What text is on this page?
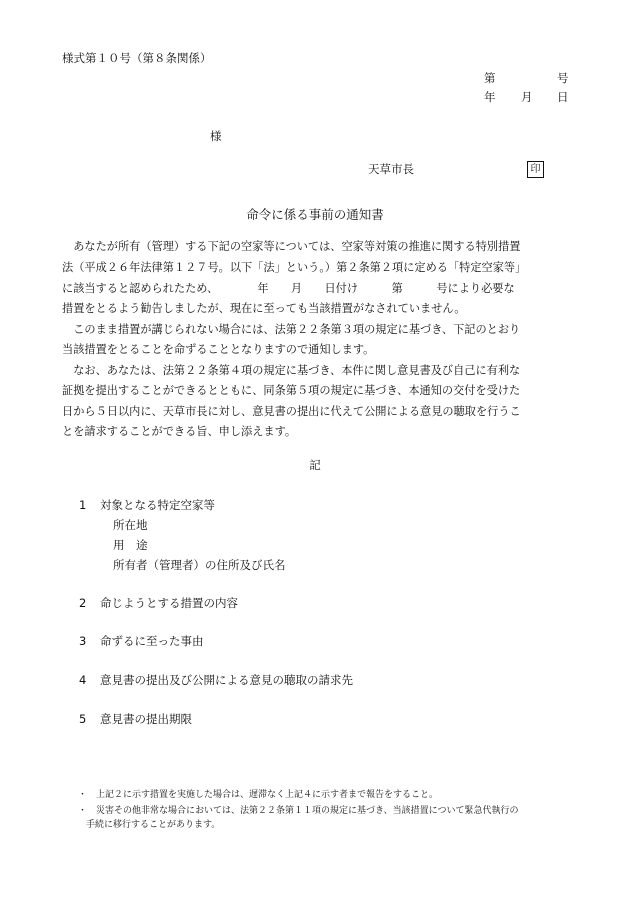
様式第１０号（第８条関係）
第	号
年 月 日
様
天草市長	印
命令に係る事前の通知書
　あなたが所有（管理）する下記の空家等については、空家等対策の推進に関する特別措置
法（平成２６年法律第１２７号。以下「法」という。）第２条第２項に定める「特定空家等」
に該当すると認められたため、　　　　年　　月　　日付け　　　第　　　号により必要な
措置をとるよう勧告しましたが、現在に至っても当該措置がなされていません。
　このまま措置が講じられない場合には、法第２２条第３項の規定に基づき、下記のとおり
当該措置をとることを命ずることとなりますので通知します。
　なお、あなたは、法第２２条第４項の規定に基づき、本件に関し意見書及び自己に有利な
証拠を提出することができるとともに、同条第５項の規定に基づき、本通知の交付を受けた
日から５日以内に、天草市長に対し、意見書の提出に代えて公開による意見の聴取を行うこ
とを請求することができる旨、申し添えます。
記
1 対象となる特定空家等
所在地
用　途
所有者（管理者）の住所及び氏名
2 命じようとする措置の内容
3 命ずるに至った事由
4 意見書の提出及び公開による意見の聴取の請求先
5 意見書の提出期限
・ 上記２に示す措置を実施した場合は、遅滞なく上記４に示す者まで報告をすること。
・ 災害その他非常な場合においては、法第２２条第１１項の規定に基づき、当該措置について緊急代執行の
手続に移行することがあります。
